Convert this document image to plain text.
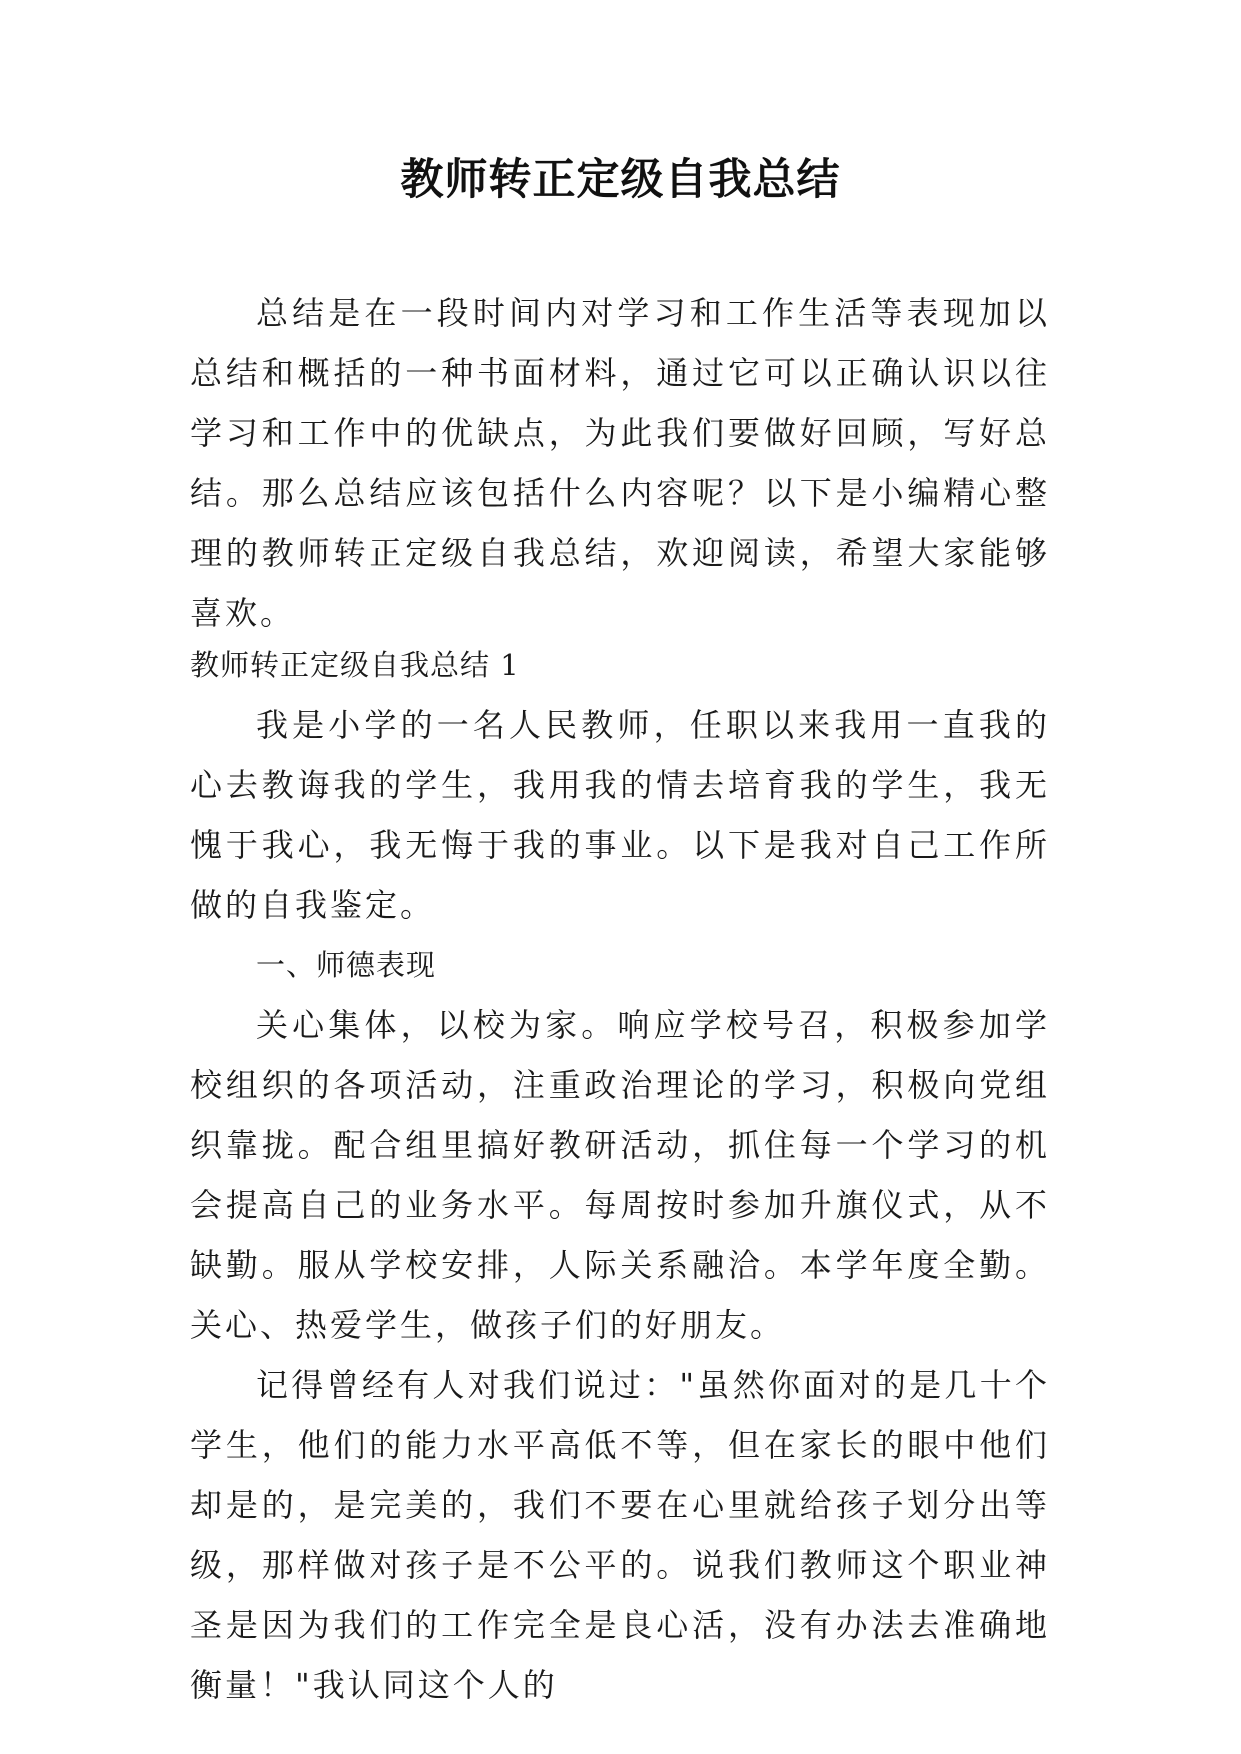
教师转正定级自我总结

总结是在一段时间内对学习和工作生活等表现加以总结和概括的一种书面材料，通过它可以正确认识以往学习和工作中的优缺点，为此我们要做好回顾，写好总结。那么总结应该包括什么内容呢？以下是小编精心整理的教师转正定级自我总结，欢迎阅读，希望大家能够喜欢。

教师转正定级自我总结 1

我是小学的一名人民教师，任职以来我用一直我的心去教诲我的学生，我用我的情去培育我的学生，我无愧于我心，我无悔于我的事业。以下是我对自己工作所做的自我鉴定。

一、师德表现

关心集体，以校为家。响应学校号召，积极参加学校组织的各项活动，注重政治理论的学习，积极向党组织靠拢。配合组里搞好教研活动，抓住每一个学习的机会提高自己的业务水平。每周按时参加升旗仪式，从不缺勤。服从学校安排，人际关系融洽。本学年度全勤。关心、热爱学生，做孩子们的好朋友。

记得曾经有人对我们说过："虽然你面对的是几十个学生，他们的能力水平高低不等，但在家长的眼中他们却是的，是完美的，我们不要在心里就给孩子划分出等级，那样做对孩子是不公平的。说我们教师这个职业神圣是因为我们的工作完全是良心活，没有办法去准确地衡量！"我认同这个人的
